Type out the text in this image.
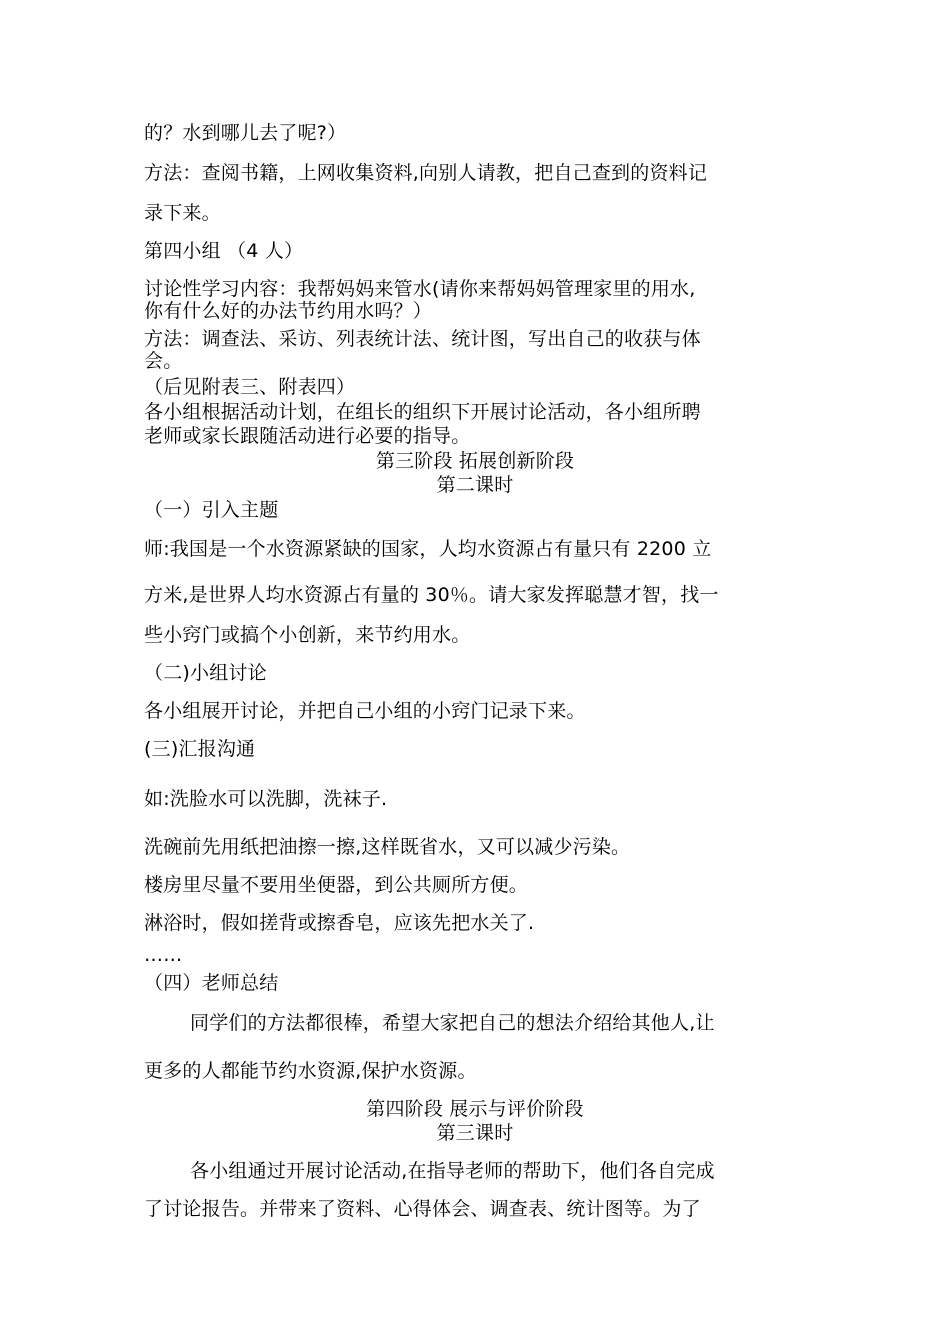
的？水到哪儿去了呢?）
方法：查阅书籍，上网收集资料,向别人请教，把自己查到的资料记
录下来。
第四小组 （4 人）
讨论性学习内容：我帮妈妈来管水(请你来帮妈妈管理家里的用水,
你有什么好的办法节约用水吗？）
方法：调查法、采访、列表统计法、统计图，写出自己的收获与体
会。
（后见附表三、附表四）
各小组根据活动计划，在组长的组织下开展讨论活动，各小组所聘
老师或家长跟随活动进行必要的指导。
第三阶段 拓展创新阶段
第二课时
（一）引入主题
师:我国是一个水资源紧缺的国家，人均水资源占有量只有 2200 立
方米,是世界人均水资源占有量的 30％。请大家发挥聪慧才智，找一
些小窍门或搞个小创新，来节约用水。
（二)小组讨论
各小组展开讨论，并把自己小组的小窍门记录下来。
(三)汇报沟通
如:洗脸水可以洗脚，洗袜子.
洗碗前先用纸把油擦一擦,这样既省水，又可以减少污染。
楼房里尽量不要用坐便器，到公共厕所方便。
淋浴时，假如搓背或擦香皂，应该先把水关了.
……
（四）老师总结
同学们的方法都很棒，希望大家把自己的想法介绍给其他人,让
更多的人都能节约水资源,保护水资源。
第四阶段 展示与评价阶段
第三课时
各小组通过开展讨论活动,在指导老师的帮助下，他们各自完成
了讨论报告。并带来了资料、心得体会、调查表、统计图等。为了
